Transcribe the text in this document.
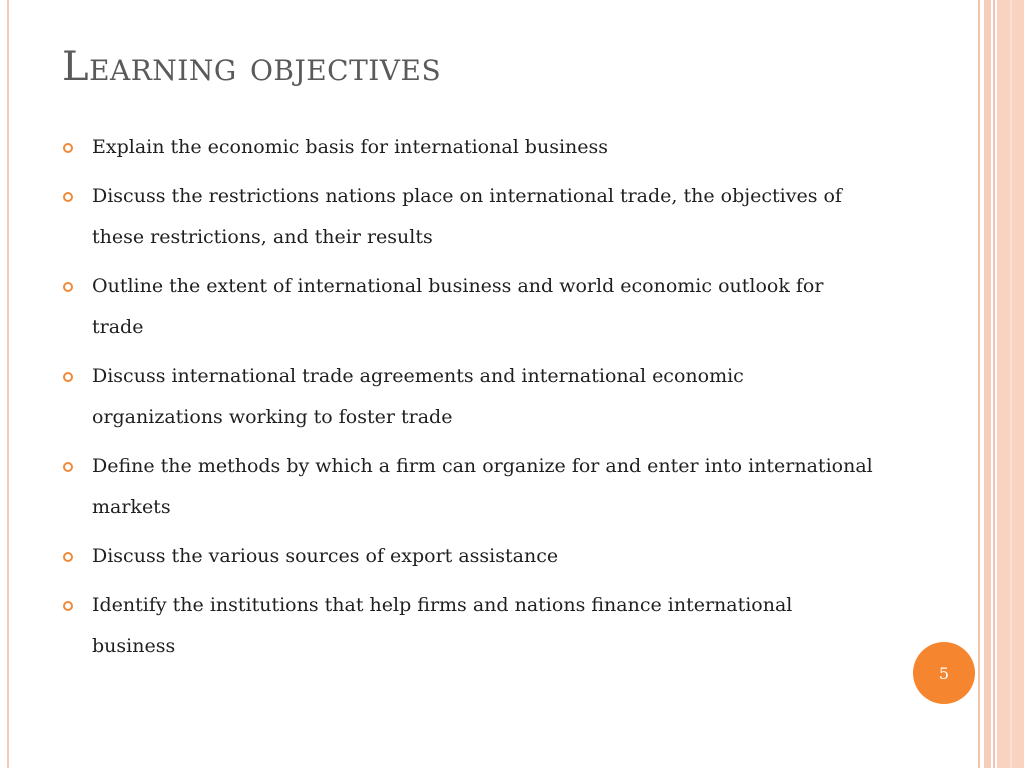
Learning objectives
Explain the economic basis for international business
Discuss the restrictions nations place on international trade, the objectives of these restrictions, and their results
Outline the extent of international business and world economic outlook for trade
Discuss international trade agreements and international economic organizations working to foster trade
Define the methods by which a firm can organize for and enter into international markets
Discuss the various sources of export assistance
Identify the institutions that help firms and nations finance international business
5
